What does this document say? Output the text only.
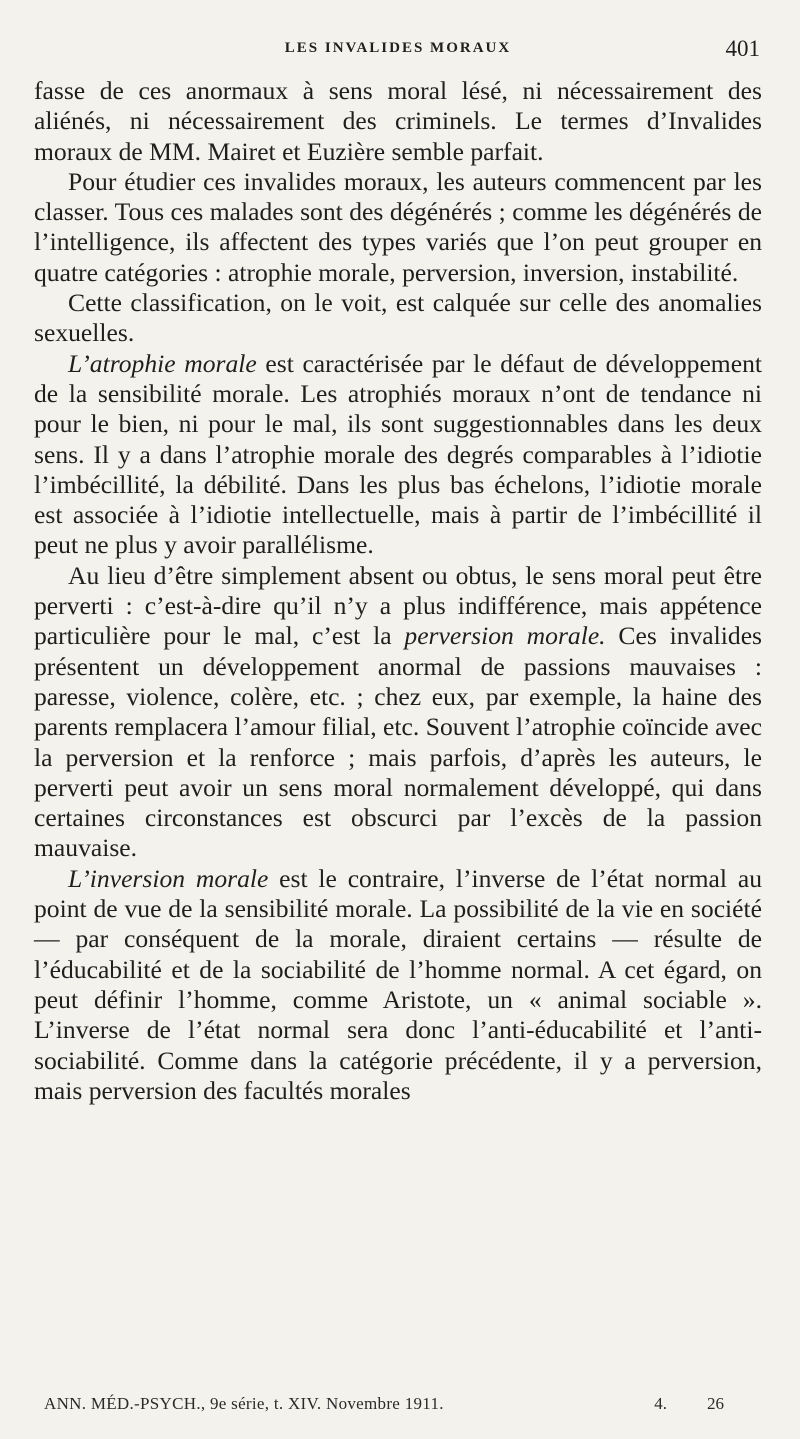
LES INVALIDES MORAUX	401

fasse de ces anormaux à sens moral lésé, ni nécessairement des aliénés, ni nécessairement des criminels. Le termes d’Invalides moraux de MM. Mairet et Euzière semble parfait.

Pour étudier ces invalides moraux, les auteurs commencent par les classer. Tous ces malades sont des dégénérés ; comme les dégénérés de l’intelligence, ils affectent des types variés que l’on peut grouper en quatre catégories : atrophie morale, perversion, inversion, instabilité.

Cette classification, on le voit, est calquée sur celle des anomalies sexuelles.

L’atrophie morale est caractérisée par le défaut de développement de la sensibilité morale. Les atrophiés moraux n’ont de tendance ni pour le bien, ni pour le mal, ils sont suggestionnables dans les deux sens. Il y a dans l’atrophie morale des degrés comparables à l’idiotie l’imbécillité, la débilité. Dans les plus bas échelons, l’idiotie morale est associée à l’idiotie intellectuelle, mais à partir de l’imbécillité il peut ne plus y avoir parallélisme.

Au lieu d’être simplement absent ou obtus, le sens moral peut être perverti : c’est-à-dire qu’il n’y a plus indifférence, mais appétence particulière pour le mal, c’est la perversion morale. Ces invalides présentent un développement anormal de passions mauvaises : paresse, violence, colère, etc. ; chez eux, par exemple, la haine des parents remplacera l’amour filial, etc. Souvent l’atrophie coïncide avec la perversion et la renforce ; mais parfois, d’après les auteurs, le perverti peut avoir un sens moral normalement développé, qui dans certaines circonstances est obscurci par l’excès de la passion mauvaise.

L’inversion morale est le contraire, l’inverse de l’état normal au point de vue de la sensibilité morale. La possibilité de la vie en société — par conséquent de la morale, diraient certains — résulte de l’éducabilité et de la sociabilité de l’homme normal. A cet égard, on peut définir l’homme, comme Aristote, un « animal sociable ». L’inverse de l’état normal sera donc l’anti-éducabilité et l’anti-sociabilité. Comme dans la catégorie précédente, il y a perversion, mais perversion des facultés morales

ANN. MÉD.-PSYCH., 9e série, t. XIV. Novembre 1911.	4. 26
